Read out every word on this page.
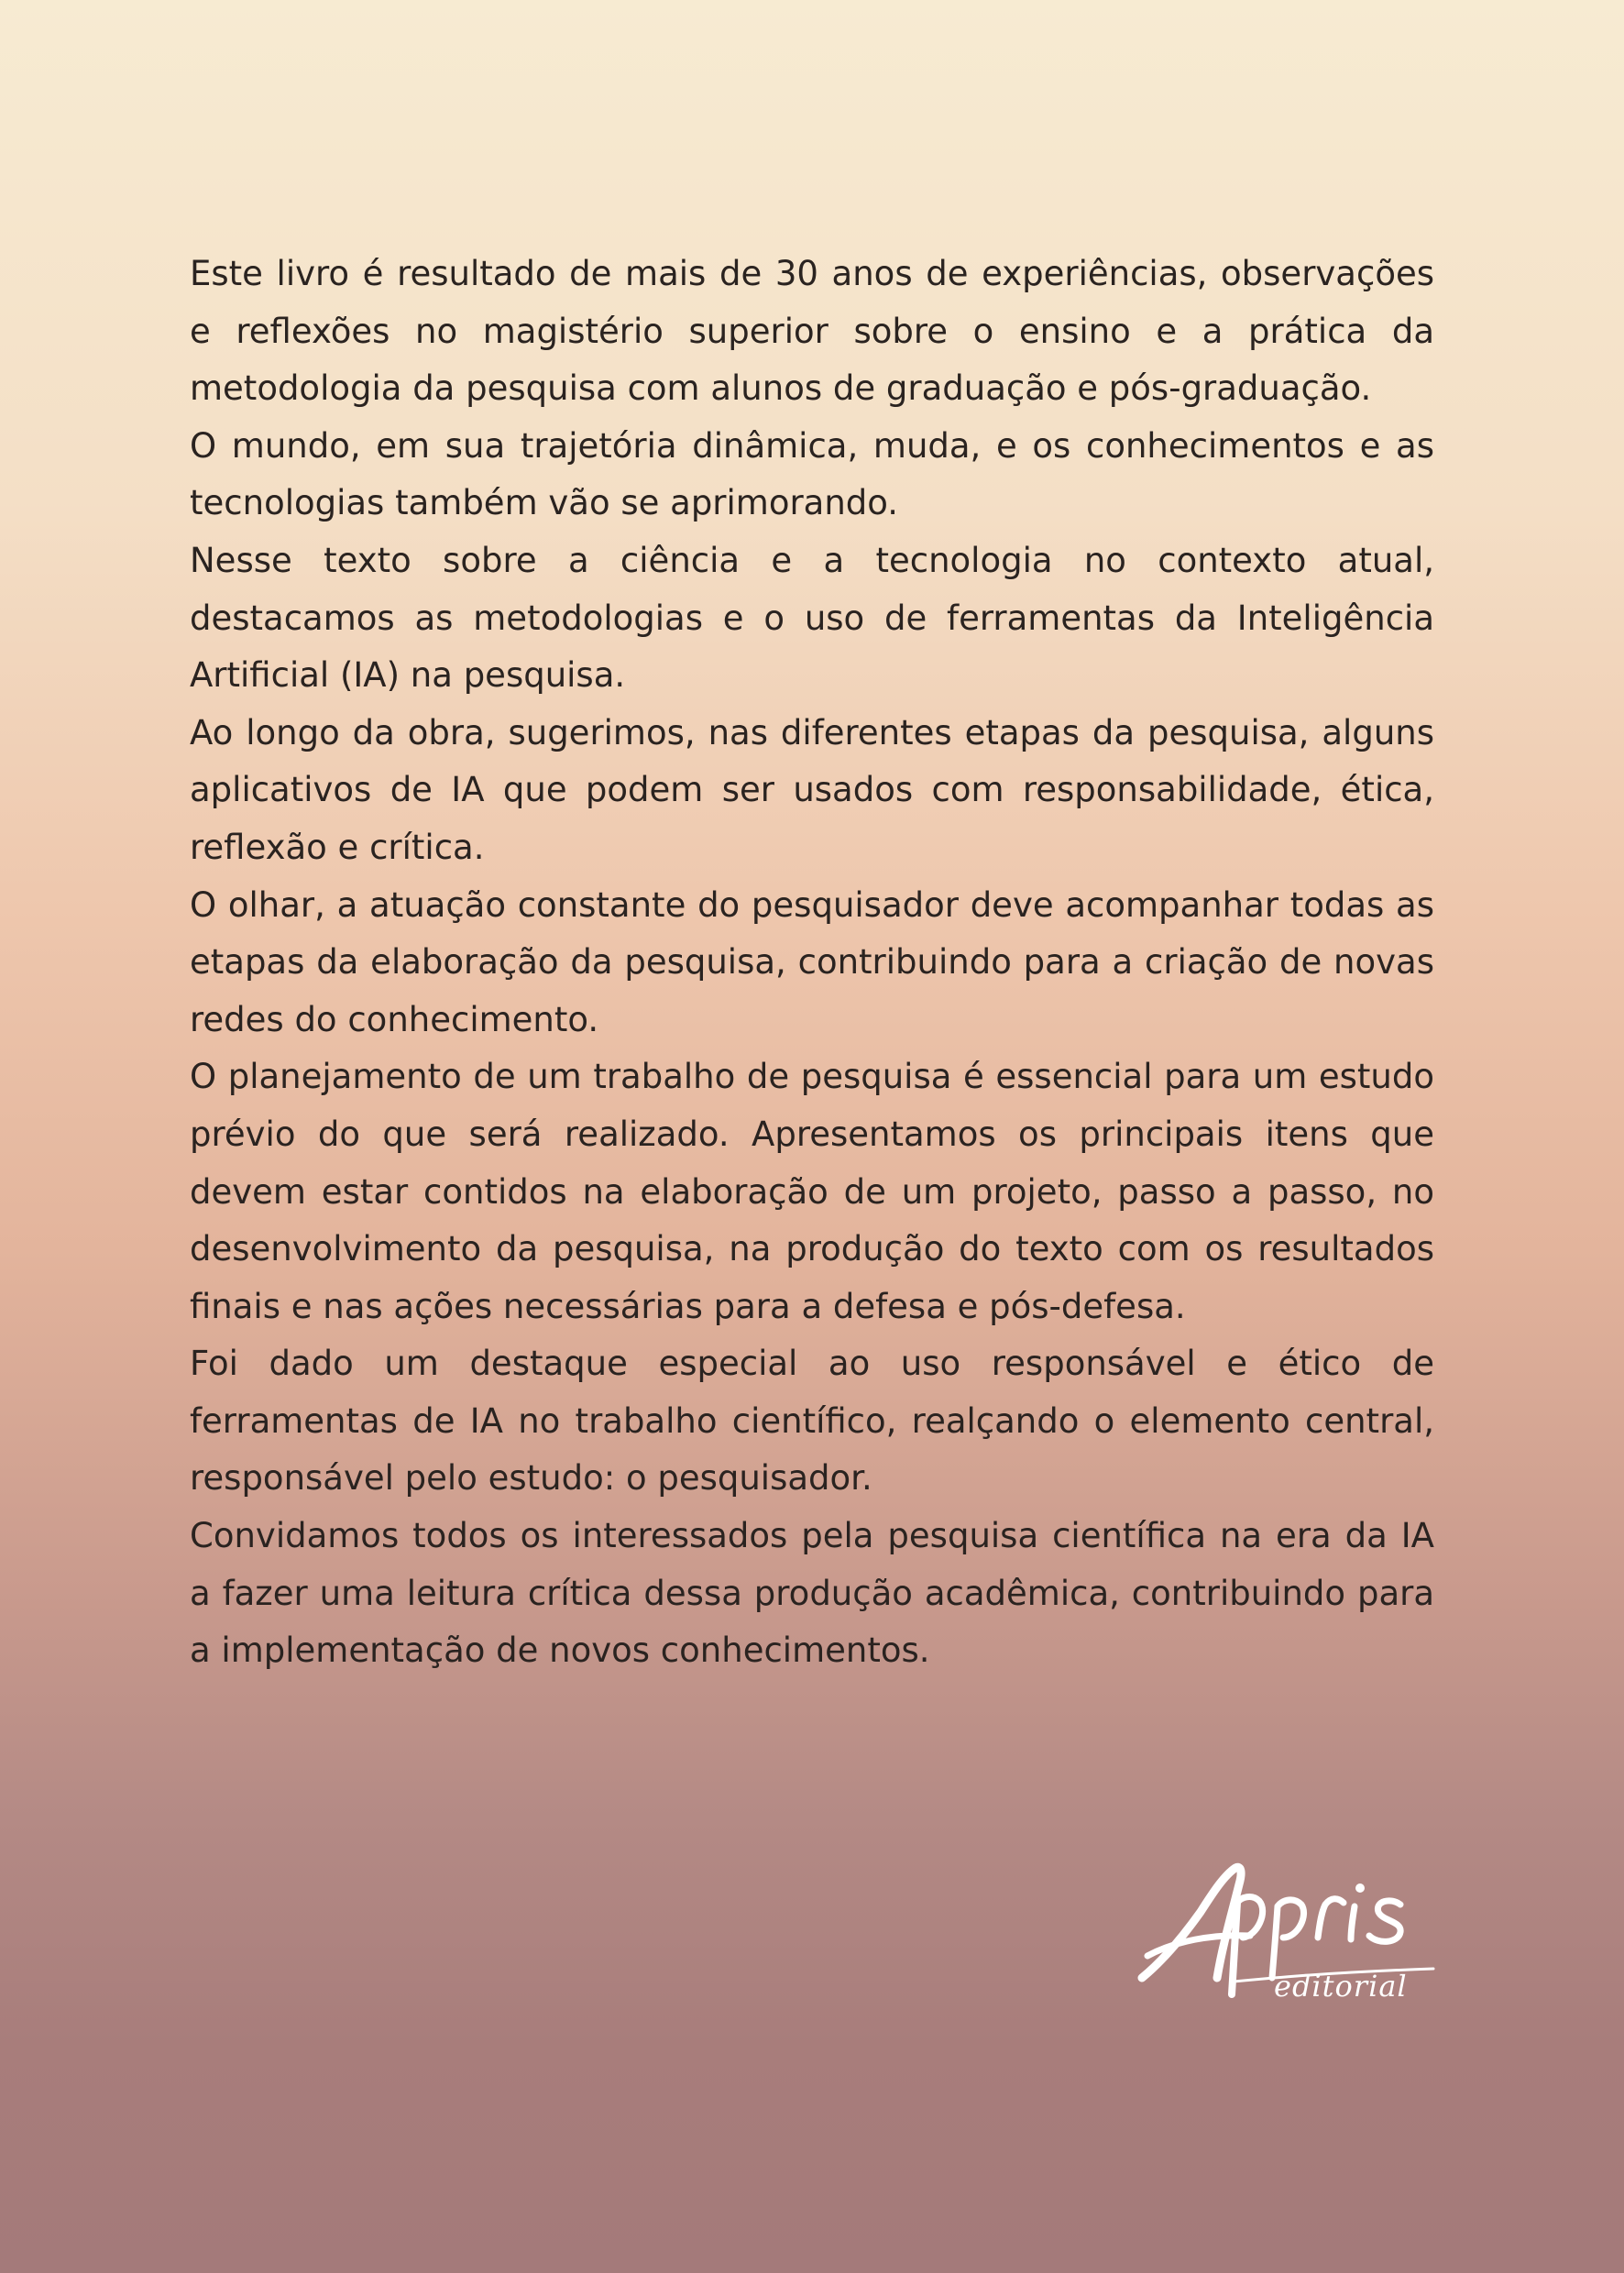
Este livro é resultado de mais de 30 anos de experiências, observações e reflexões no magistério superior sobre o ensino e a prática da metodologia da pesquisa com alunos de graduação e pós-graduação.

O mundo, em sua trajetória dinâmica, muda, e os conhecimentos e as tecnologias também vão se aprimorando.

Nesse texto sobre a ciência e a tecnologia no contexto atual, destacamos as metodologias e o uso de ferramentas da Inteligência Artificial (IA) na pesquisa.

Ao longo da obra, sugerimos, nas diferentes etapas da pesquisa, alguns aplicativos de IA que podem ser usados com responsabilidade, ética, reflexão e crítica.

O olhar, a atuação constante do pesquisador deve acompanhar todas as etapas da elaboração da pesquisa, contribuindo para a criação de novas redes do conhecimento.

O planejamento de um trabalho de pesquisa é essencial para um estudo prévio do que será realizado. Apresentamos os principais itens que devem estar contidos na elaboração de um projeto, passo a passo, no desenvolvimento da pesquisa, na produção do texto com os resultados finais e nas ações necessárias para a defesa e pós-defesa.

Foi dado um destaque especial ao uso responsável e ético de ferramentas de IA no trabalho científico, realçando o elemento central, responsável pelo estudo: o pesquisador.

Convidamos todos os interessados pela pesquisa científica na era da IA a fazer uma leitura crítica dessa produção acadêmica, contribuindo para a implementação de novos conhecimentos.

editorial
